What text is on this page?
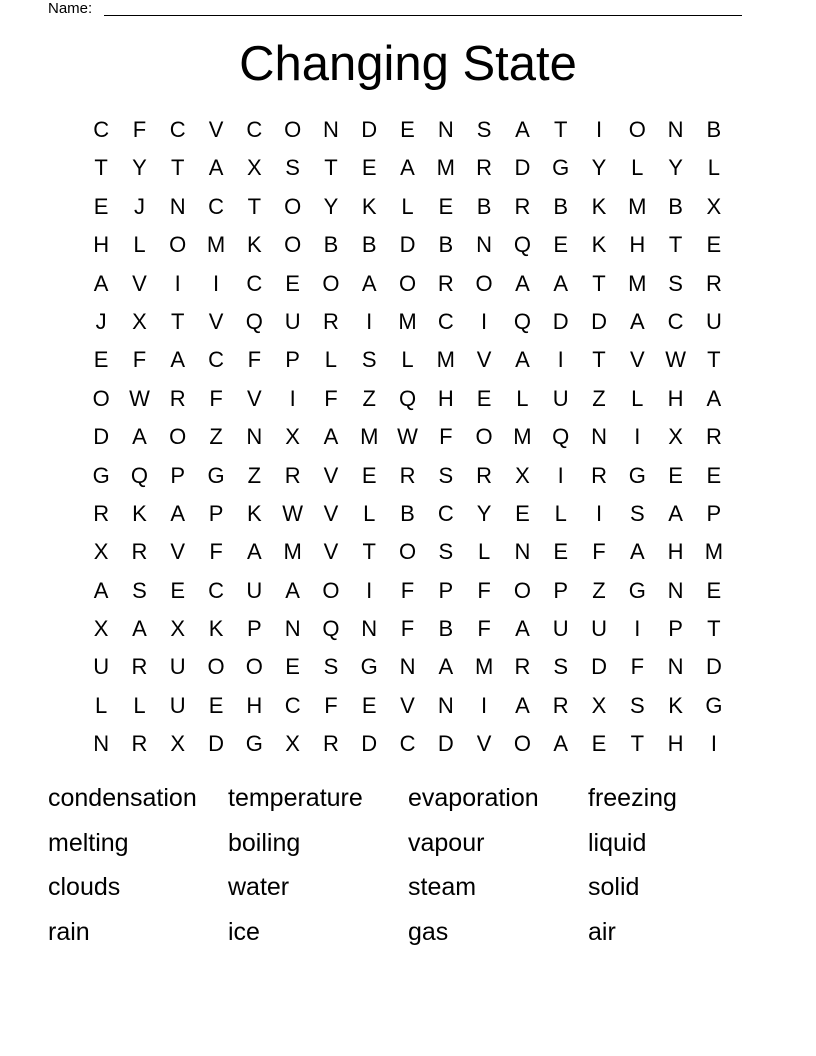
Name:
Changing State
C	F	C	V	C O N	D	E	N	S	A	T	I	O N	B
T	Y	T	A	X	S	T	E	A M R	D G	Y	L	Y	L
E	J	N	C	T	O	Y	K	L	E	B	R	B	K M B	X
H	L	O M K	O	B	B	D	B	N Q	E	K	H	T	E
A	V	I	I	C	E	O	A	O R O	A	A	T	M S	R
J	X	T	V	Q U	R	I	M C	I	Q D	D	A	C	U
E	F	A	C	F	P	L	S	L	M V	A	I	T	V W T
O W R	F	V	I	F	Z	Q H	E	L	U	Z	L	H	A
D	A	O	Z	N	X	A M W F	O M Q N	I	X	R
G Q	P	G	Z	R	V	E	R	S	R	X	I	R G	E	E
R	K	A	P	K W V	L	B	C	Y	E	L	I	S	A	P
X	R	V	F	A M V	T	O	S	L	N	E	F	A	H M
A	S	E	C	U	A	O	I	F	P	F	O	P	Z	G N	E
X	A	X	K	P	N Q N	F	B	F	A	U	U	I	P	T
U	R	U O O	E	S	G N	A M R	S	D	F	N	D
L	L	U	E	H	C	F	E	V	N	I	A	R	X	S	K	G
N	R	X	D G	X	R	D	C	D	V	O	A	E	T	H	I
condensation	temperature	evaporation	freezing
melting	boiling	vapour	liquid
clouds	water	steam	solid
rain	ice	gas	air
